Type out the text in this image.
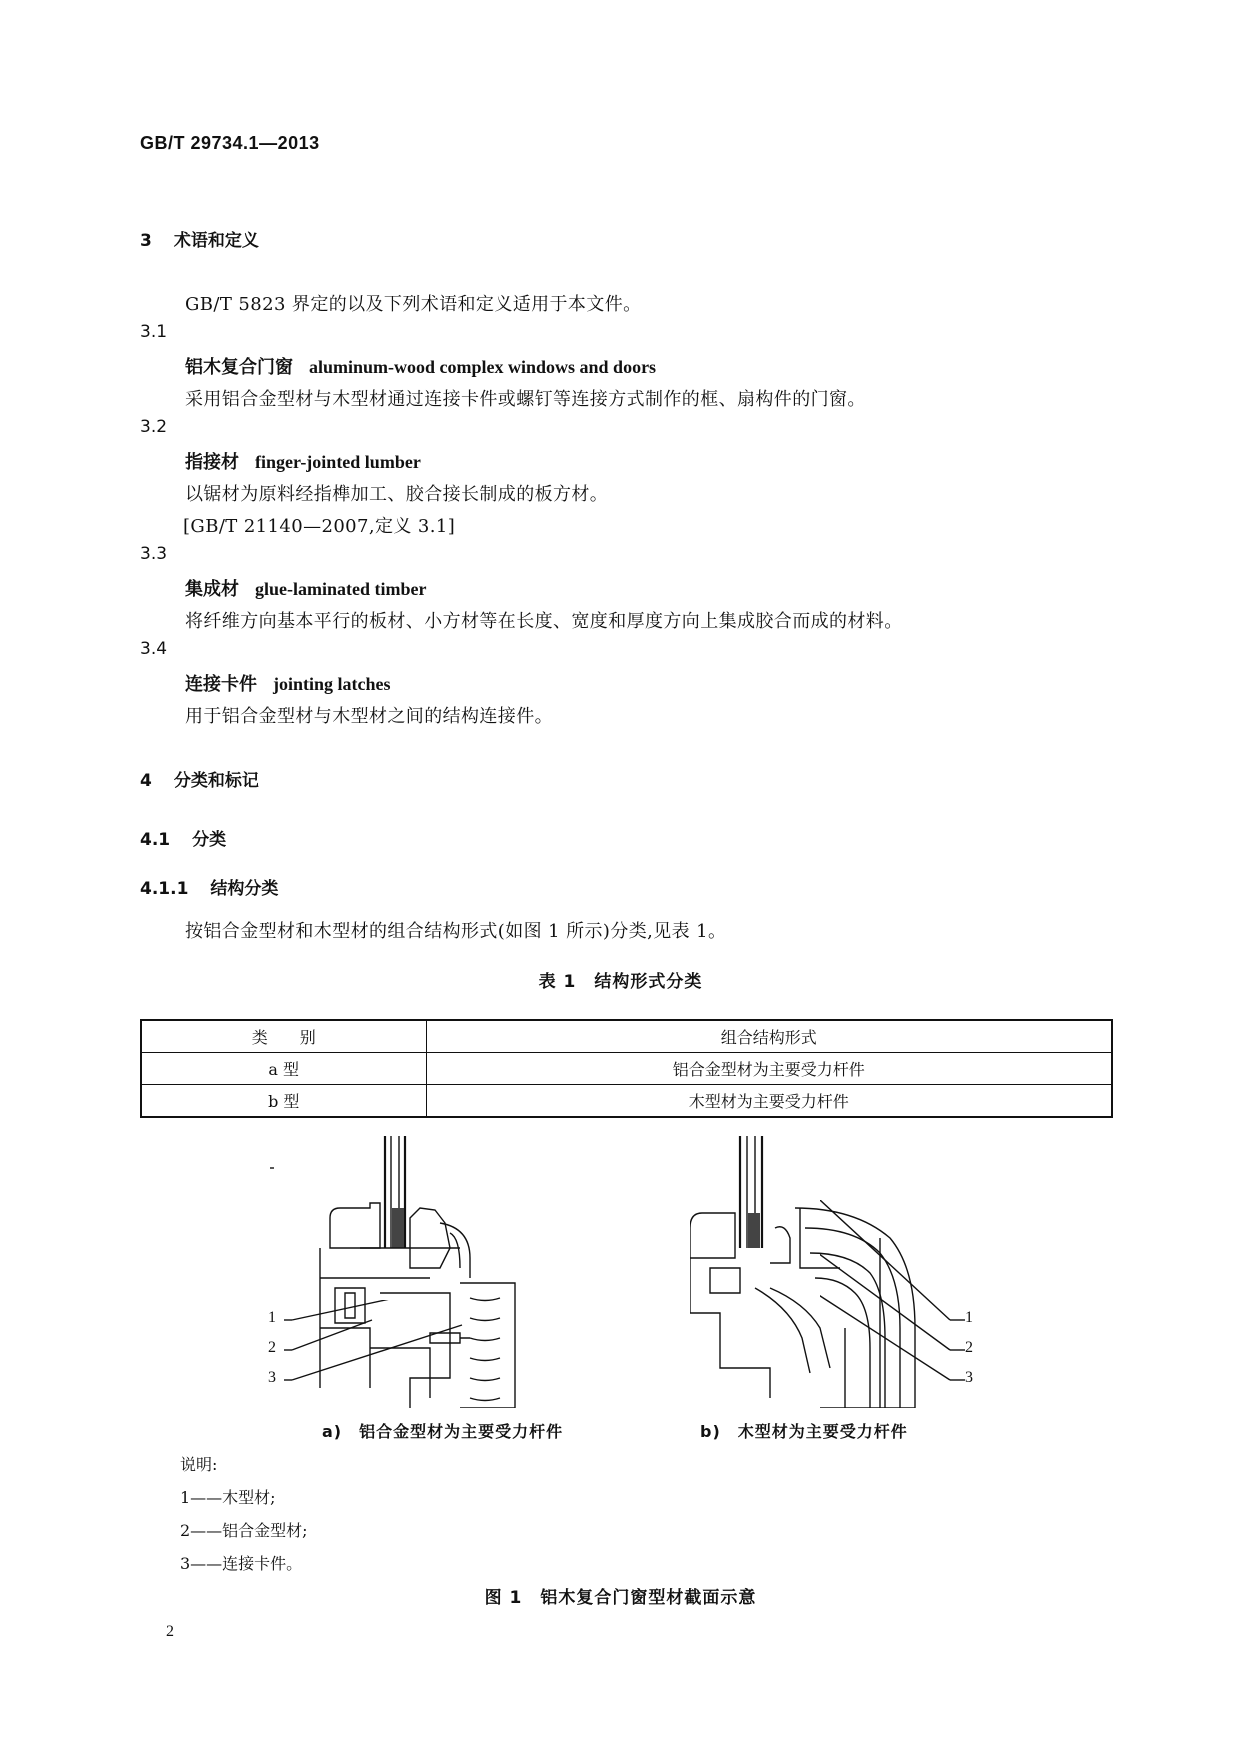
GB/T 29734.1—2013
3 术语和定义
GB/T 5823 界定的以及下列术语和定义适用于本文件。
3.1
铝木复合门窗 aluminum-wood complex windows and doors
采用铝合金型材与木型材通过连接卡件或螺钉等连接方式制作的框、扇构件的门窗。
3.2
指接材 finger-jointed lumber
以锯材为原料经指榫加工、胶合接长制成的板方材。
[GB/T 21140—2007,定义 3.1]
3.3
集成材 glue-laminated timber
将纤维方向基本平行的板材、小方材等在长度、宽度和厚度方向上集成胶合而成的材料。
3.4
连接卡件 jointing latches
用于铝合金型材与木型材之间的结构连接件。
4 分类和标记
4.1 分类
4.1.1 结构分类
按铝合金型材和木型材的组合结构形式(如图 1 所示)分类,见表 1。
表 1　结构形式分类
类　　别	组合结构形式
a 型	铝合金型材为主要受力杆件
b 型	木型材为主要受力杆件
1
2
3
1
2
3
a)　铝合金型材为主要受力杆件	b)　木型材为主要受力杆件
说明:
1——木型材;
2——铝合金型材;
3——连接卡件。
图 1　铝木复合门窗型材截面示意
2
